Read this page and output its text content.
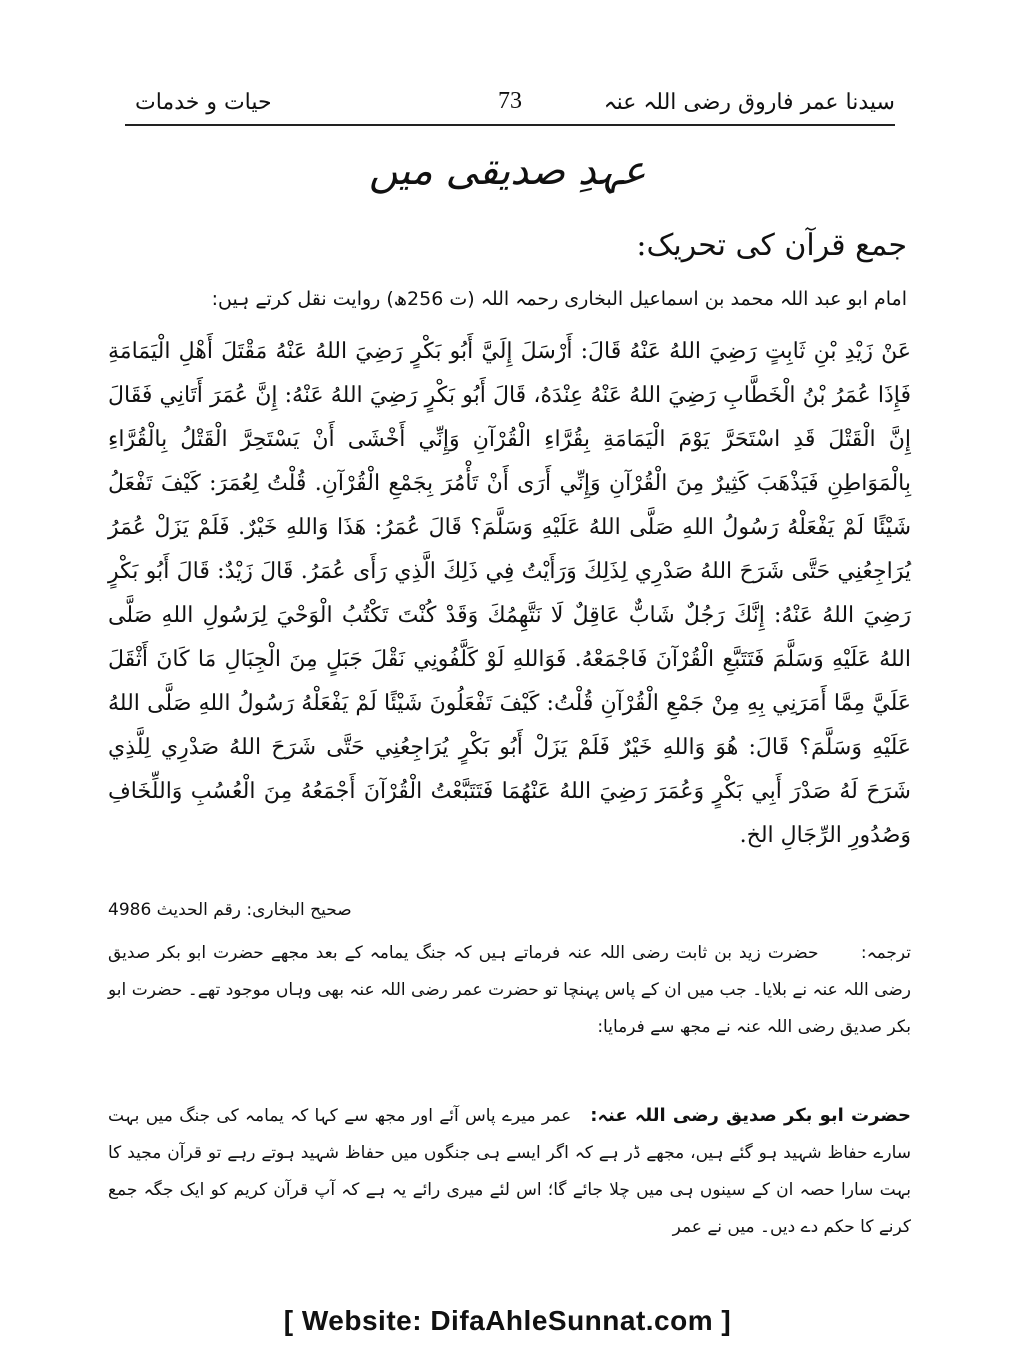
سیدنا عمر فاروق رضی اللہ عنہ
73
حیات و خدمات
عہدِ صدیقی میں
جمع قرآن کی تحریک:
امام ابو عبد اللہ محمد بن اسماعیل البخاری رحمہ اللہ (ت 256ھ) روایت نقل کرتے ہیں:
عَنْ زَيْدِ بْنِ ثَابِتٍ رَضِيَ اللهُ عَنْهُ قَالَ: أَرْسَلَ إِلَيَّ أَبُو بَكْرٍ رَضِيَ اللهُ عَنْهُ مَقْتَلَ أَهْلِ الْيَمَامَةِ فَإِذَا عُمَرُ بْنُ الْخَطَّابِ رَضِيَ اللهُ عَنْهُ عِنْدَهُ، قَالَ أَبُو بَكْرٍ رَضِيَ اللهُ عَنْهُ: إِنَّ عُمَرَ أَتَانِي فَقَالَ إِنَّ الْقَتْلَ قَدِ اسْتَحَرَّ يَوْمَ الْيَمَامَةِ بِقُرَّاءِ الْقُرْآنِ وَإِنِّي أَخْشَى أَنْ يَسْتَحِرَّ الْقَتْلُ بِالْقُرَّاءِ بِالْمَوَاطِنِ فَيَذْهَبَ كَثِيرٌ مِنَ الْقُرْآنِ وَإِنِّي أَرَى أَنْ تَأْمُرَ بِجَمْعِ الْقُرْآنِ. قُلْتُ لِعُمَرَ: كَيْفَ تَفْعَلُ شَيْئًا لَمْ يَفْعَلْهُ رَسُولُ اللهِ صَلَّى اللهُ عَلَيْهِ وَسَلَّمَ؟ قَالَ عُمَرُ: هَذَا وَاللهِ خَيْرٌ. فَلَمْ يَزَلْ عُمَرُ يُرَاجِعُنِي حَتَّى شَرَحَ اللهُ صَدْرِي لِذَلِكَ وَرَأَيْتُ فِي ذَلِكَ الَّذِي رَأَى عُمَرُ. قَالَ زَيْدٌ: قَالَ أَبُو بَكْرٍ رَضِيَ اللهُ عَنْهُ: إِنَّكَ رَجُلٌ شَابٌّ عَاقِلٌ لَا نَتَّهِمُكَ وَقَدْ كُنْتَ تَكْتُبُ الْوَحْيَ لِرَسُولِ اللهِ صَلَّى اللهُ عَلَيْهِ وَسَلَّمَ فَتَتَبَّعِ الْقُرْآنَ فَاجْمَعْهُ. فَوَاللهِ لَوْ كَلَّفُونِي نَقْلَ جَبَلٍ مِنَ الْجِبَالِ مَا كَانَ أَثْقَلَ عَلَيَّ مِمَّا أَمَرَنِي بِهِ مِنْ جَمْعِ الْقُرْآنِ قُلْتُ: كَيْفَ تَفْعَلُونَ شَيْئًا لَمْ يَفْعَلْهُ رَسُولُ اللهِ صَلَّى اللهُ عَلَيْهِ وَسَلَّمَ؟ قَالَ: هُوَ وَاللهِ خَيْرٌ فَلَمْ يَزَلْ أَبُو بَكْرٍ يُرَاجِعُنِي حَتَّى شَرَحَ اللهُ صَدْرِي لِلَّذِي شَرَحَ لَهُ صَدْرَ أَبِي بَكْرٍ وَعُمَرَ رَضِيَ اللهُ عَنْهُمَا فَتَتَبَّعْتُ الْقُرْآنَ أَجْمَعُهُ مِنَ الْعُسُبِ وَاللِّخَافِ وَصُدُورِ الرِّجَالِ الخ.
صحیح البخاری: رقم الحدیث 4986
ترجمہ:      حضرت زید بن ثابت رضی اللہ عنہ فرماتے ہیں کہ جنگ یمامہ کے بعد مجھے حضرت ابو بکر صدیق رضی اللہ عنہ نے بلایا۔ جب میں ان کے پاس پہنچا تو حضرت عمر رضی اللہ عنہ بھی وہاں موجود تھے۔ حضرت ابو بکر صدیق رضی اللہ عنہ نے مجھ سے فرمایا:
حضرت ابو بکر صدیق رضی اللہ عنہ:   عمر میرے پاس آئے اور مجھ سے کہا کہ یمامہ کی جنگ میں بہت سارے حفاظ شہید ہو گئے ہیں، مجھے ڈر ہے کہ اگر ایسے ہی جنگوں میں حفاظ شہید ہوتے رہے تو قرآن مجید کا بہت سارا حصہ ان کے سینوں ہی میں چلا جائے گا؛ اس لئے میری رائے یہ ہے کہ آپ قرآن کریم کو ایک جگہ جمع کرنے کا حکم دے دیں۔ میں نے عمر
[ Website: DifaAhleSunnat.com ]
